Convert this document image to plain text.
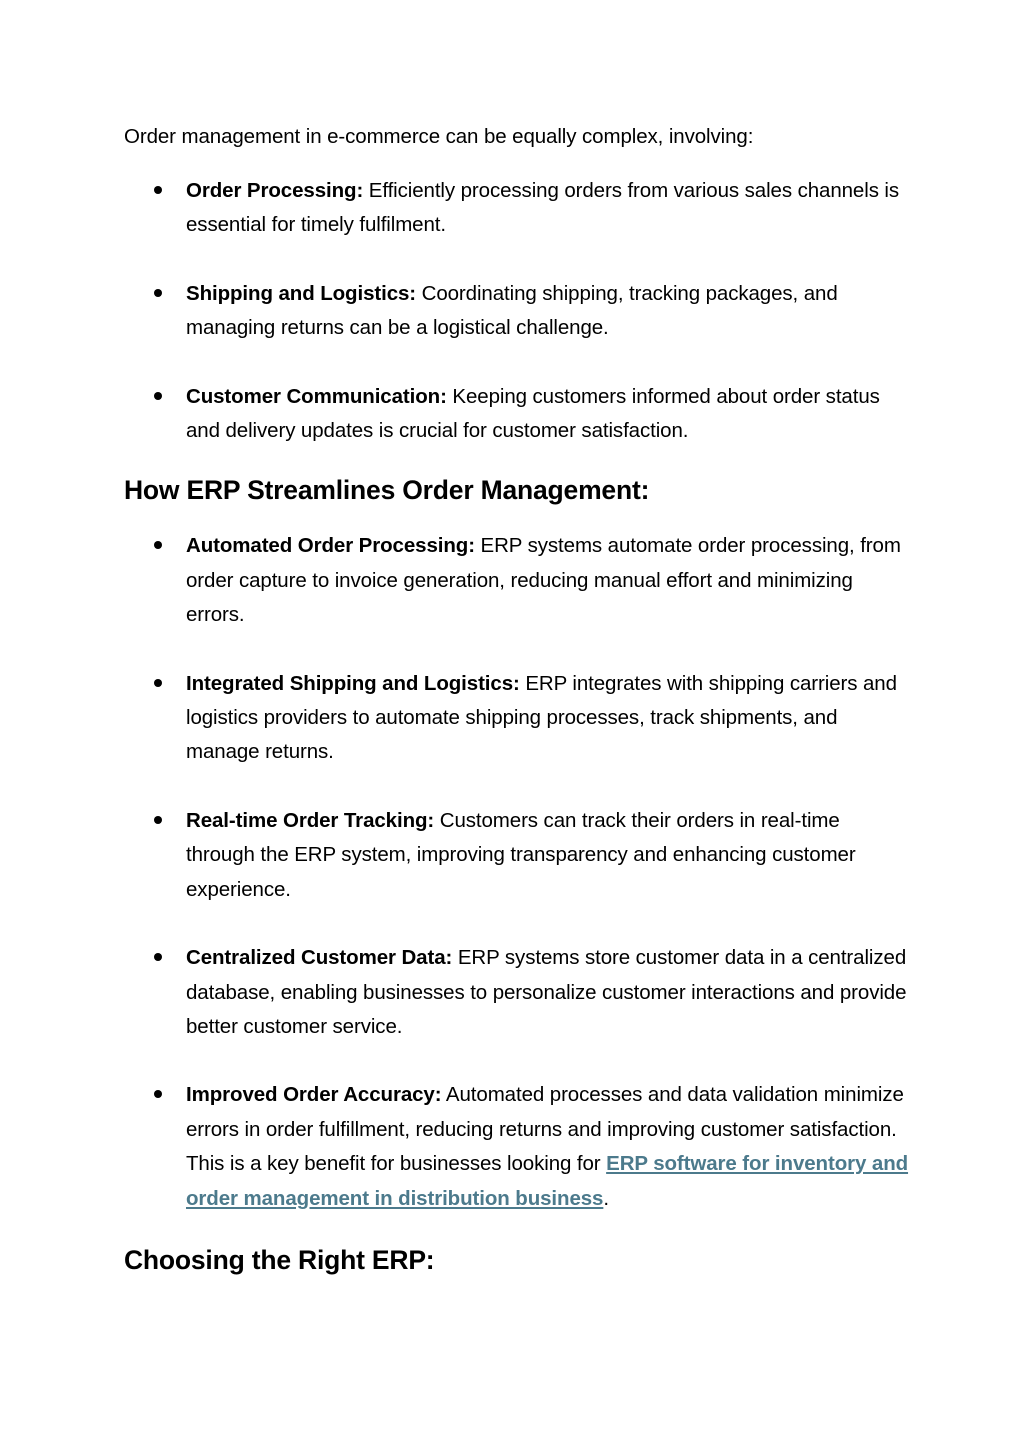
Order management in e-commerce can be equally complex, involving:

Order Processing: Efficiently processing orders from various sales channels is essential for timely fulfilment.
Shipping and Logistics: Coordinating shipping, tracking packages, and managing returns can be a logistical challenge.
Customer Communication: Keeping customers informed about order status and delivery updates is crucial for customer satisfaction.
How ERP Streamlines Order Management:
Automated Order Processing: ERP systems automate order processing, from order capture to invoice generation, reducing manual effort and minimizing errors.
Integrated Shipping and Logistics: ERP integrates with shipping carriers and logistics providers to automate shipping processes, track shipments, and manage returns.
Real-time Order Tracking: Customers can track their orders in real-time through the ERP system, improving transparency and enhancing customer experience.
Centralized Customer Data: ERP systems store customer data in a centralized database, enabling businesses to personalize customer interactions and provide better customer service.
Improved Order Accuracy: Automated processes and data validation minimize errors in order fulfillment, reducing returns and improving customer satisfaction. This is a key benefit for businesses looking for ERP software for inventory and order management in distribution business.
Choosing the Right ERP:
